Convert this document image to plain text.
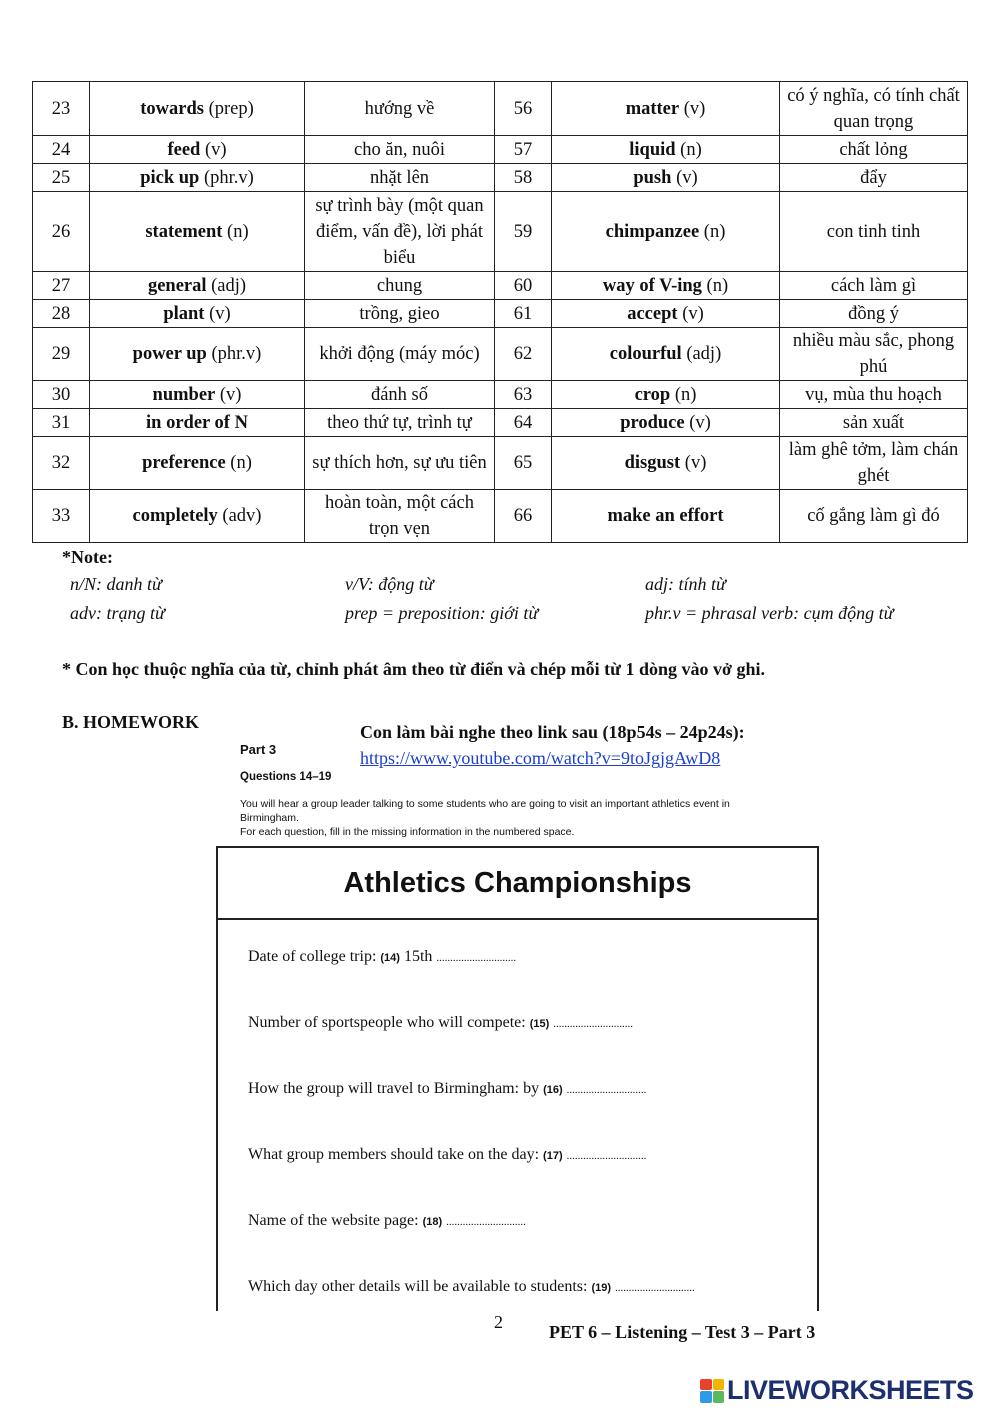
23	towards (prep)	hướng về	56	matter (v)	có ý nghĩa, có tính chất quan trọng
24	feed (v)	cho ăn, nuôi	57	liquid (n)	chất lỏng
25	pick up (phr.v)	nhặt lên	58	push (v)	đẩy
26	statement (n)	sự trình bày (một quan điểm, vấn đề), lời phát biểu	59	chimpanzee (n)	con tinh tinh
27	general (adj)	chung	60	way of V-ing (n)	cách làm gì
28	plant (v)	trồng, gieo	61	accept (v)	đồng ý
29	power up (phr.v)	khởi động (máy móc)	62	colourful (adj)	nhiều màu sắc, phong phú
30	number (v)	đánh số	63	crop (n)	vụ, mùa thu hoạch
31	in order of N	theo thứ tự, trình tự	64	produce (v)	sản xuất
32	preference (n)	sự thích hơn, sự ưu tiên	65	disgust (v)	làm ghê tởm, làm chán ghét
33	completely (adv)	hoàn toàn, một cách trọn vẹn	66	make an effort	cố gắng làm gì đó
*Note:
n/N: danh từ	v/V: động từ	adj: tính từ
adv: trạng từ	prep = preposition: giới từ	phr.v = phrasal verb: cụm động từ
* Con học thuộc nghĩa của từ, chỉnh phát âm theo từ điển và chép mỗi từ 1 dòng vào vở ghi.
B. HOMEWORK	Con làm bài nghe theo link sau (18p54s – 24p24s):
https://www.youtube.com/watch?v=9toJgjgAwD8
Part 3
Questions 14–19
You will hear a group leader talking to some students who are going to visit an important athletics event in Birmingham.
For each question, fill in the missing information in the numbered space.
Athletics Championships
Date of college trip: (14) 15th .............................
Number of sportspeople who will compete: (15) .............................
How the group will travel to Birmingham: by (16) .............................
What group members should take on the day: (17) .............................
Name of the website page: (18) .............................
Which day other details will be available to students: (19) .............................
2	PET 6 – Listening – Test 3 – Part 3
LIVEWORKSHEETS
